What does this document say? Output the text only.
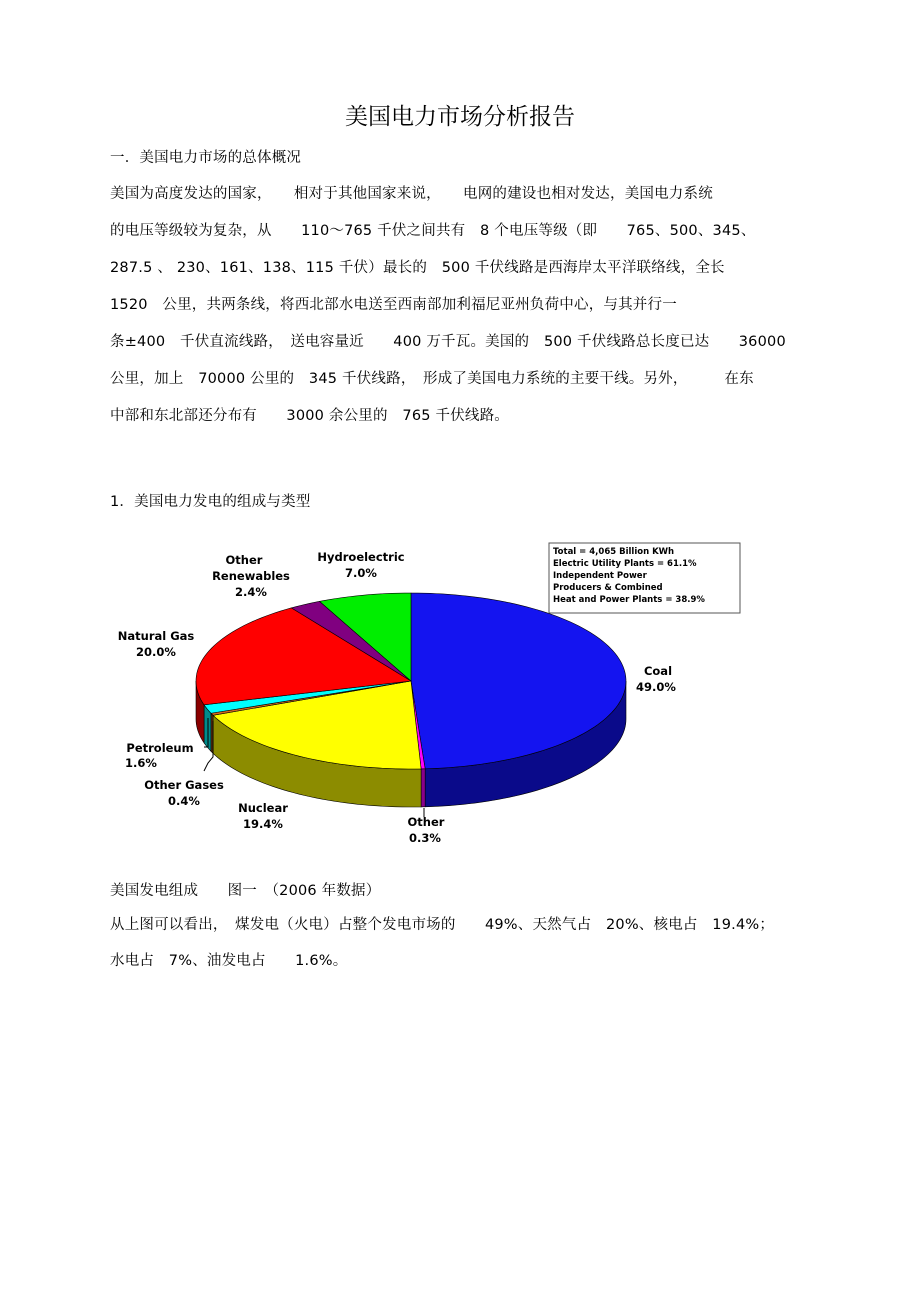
美国电力市场分析报告
一．美国电力市场的总体概况
美国为高度发达的国家，　　相对于其他国家来说，　　电网的建设也相对发达，美国电力系统
的电压等级较为复杂，从　　110～765 千伏之间共有　8 个电压等级（即　　765、500、345、
287.5 、 230、161、138、115 千伏）最长的　500 千伏线路是西海岸太平洋联络线，全长
1520　公里，共两条线，将西北部水电送至西南部加利福尼亚州负荷中心，与其并行一
条±400　千伏直流线路，　送电容量近　　400 万千瓦。美国的　500 千伏线路总长度已达　　36000
公里，加上　70000 公里的　345 千伏线路，　形成了美国电力系统的主要干线。另外，　　　在东
中部和东北部还分布有　　3000 余公里的　765 千伏线路。
1．美国电力发电的组成与类型
Total = 4,065 Billion KWh
Electric Utility Plants = 61.1%
Independent Power
Producers & Combined
Heat and Power Plants = 38.9%
Coal
49.0%
Other
0.3%
Nuclear
19.4%
Other Gases
0.4%
Petroleum
1.6%
Natural Gas
20.0%
Other
Renewables
2.4%
Hydroelectric
7.0%
美国发电组成　　图一　（2006 年数据）
从上图可以看出，　煤发电（火电）占整个发电市场的　　49%、天然气占　20%、核电占　19.4%；
水电占　7%、油发电占　　1.6%。
